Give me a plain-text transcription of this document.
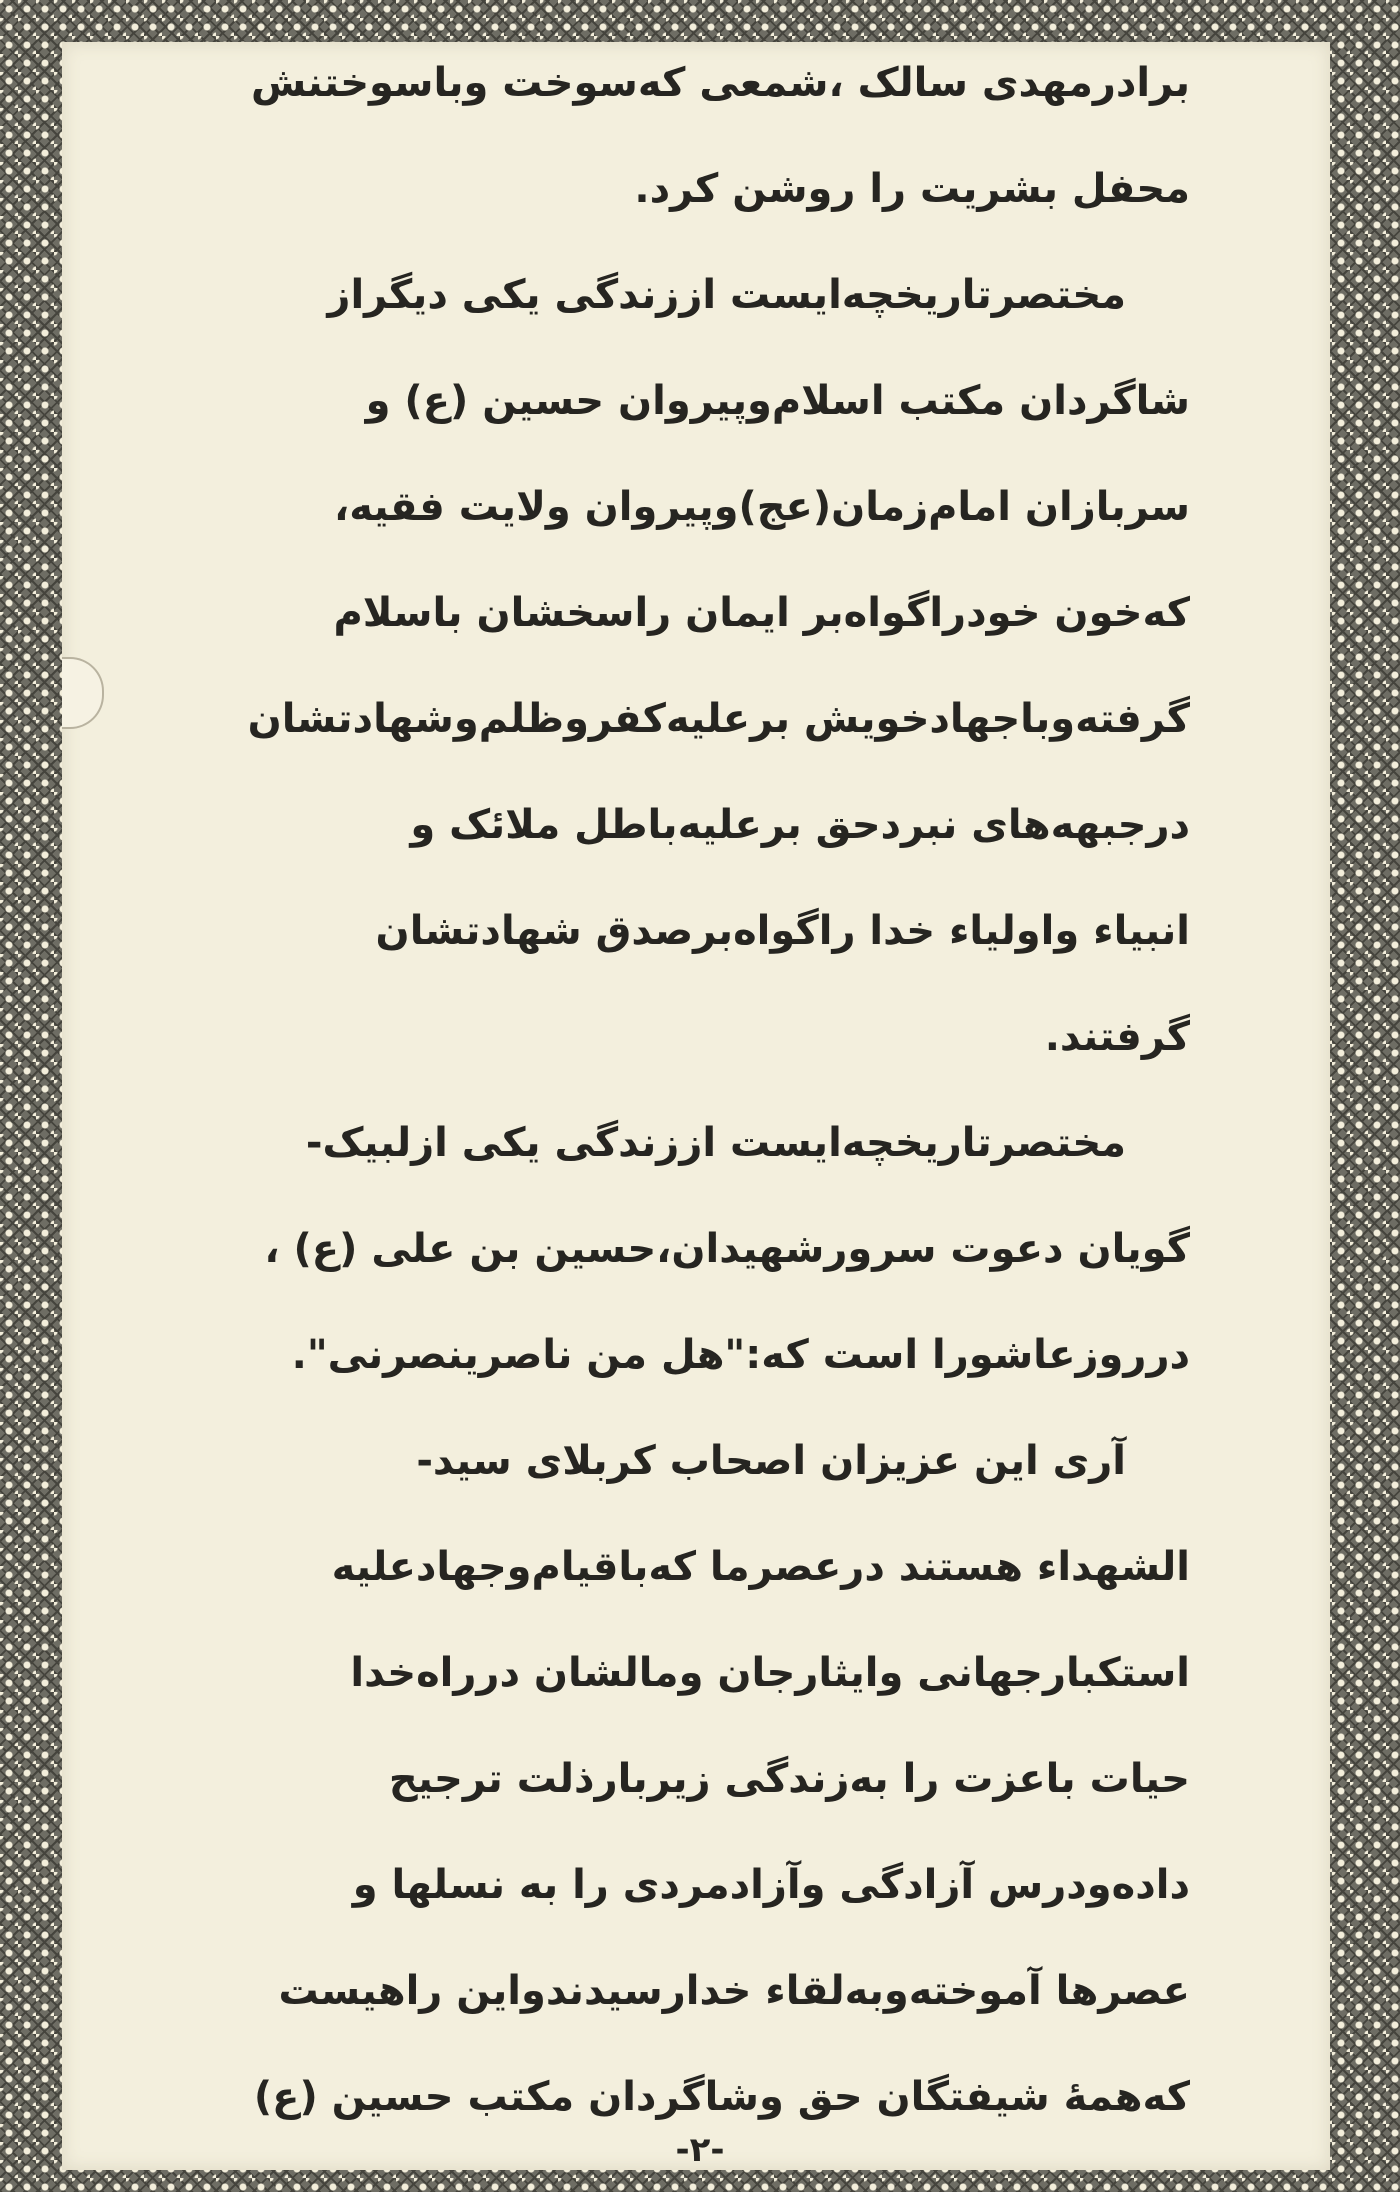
برادرمهدی سالک ،شمعی که‌سوخت وباسوختنش
محفل بشریت را روشن کرد.
مختصرتاریخچه‌ایست اززندگی یکی دیگراز
شاگردان مکتب اسلام‌وپیروان حسین (ع) و
سربازان امام‌زمان(عج)وپیروان ولایت فقیه،
که‌خون خودراگواه‌بر ایمان راسخشان باسلام
گرفته‌وبا‌جهادخویش برعلیه‌کفروظلم‌وشهادتشان
درجبهه‌های نبردحق برعلیه‌باطل ملائک و
انبیاء واولیاء خدا راگواه‌برصدق شهادتشان
گرفتند.
مختصرتاریخچه‌ایست اززندگی یکی ازلبیک-
گویان دعوت سرورشهیدان،حسین بن علی (ع) ،
درروزعاشورا است که:"هل من ناصرینصرنی".
آری این عزیزان اصحاب کربلای سید-
الشهداء هستند درعصرما که‌باقیام‌وجهادعلیه
استکبارجهانی وایثارجان ومالشان درراه‌خدا
حیات باعزت را به‌زندگی زیربارذلت ترجیح
داده‌ودرس آزادگی وآزادمردی را به نسلها و
عصرها آموخته‌وبه‌لقاء خدارسیدندواین راهیست
که‌همهٔ شیفتگان حق وشاگردان مکتب حسین (ع)
-۲-
